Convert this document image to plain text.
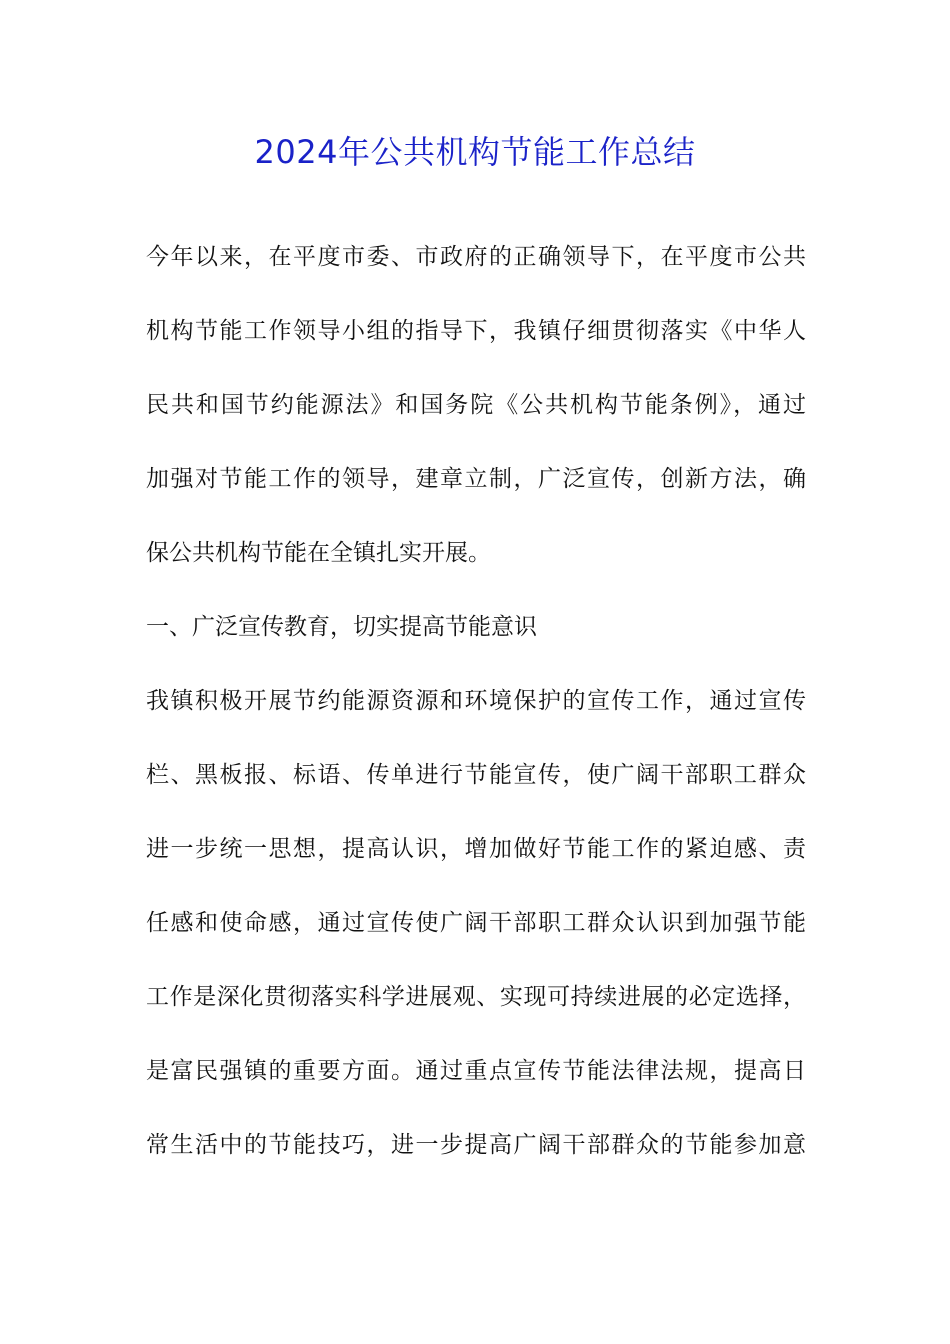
2024年公共机构节能工作总结
今年以来，在平度市委、市政府的正确领导下，在平度市公共
机构节能工作领导小组的指导下，我镇仔细贯彻落实《中华人
民共和国节约能源法》和国务院《公共机构节能条例》，通过
加强对节能工作的领导，建章立制，广泛宣传，创新方法，确
保公共机构节能在全镇扎实开展。
一、广泛宣传教育，切实提高节能意识
我镇积极开展节约能源资源和环境保护的宣传工作，通过宣传
栏、黑板报、标语、传单进行节能宣传，使广阔干部职工群众
进一步统一思想，提高认识，增加做好节能工作的紧迫感、责
任感和使命感，通过宣传使广阔干部职工群众认识到加强节能
工作是深化贯彻落实科学进展观、实现可持续进展的必定选择，
是富民强镇的重要方面。通过重点宣传节能法律法规，提高日
常生活中的节能技巧，进一步提高广阔干部群众的节能参加意
